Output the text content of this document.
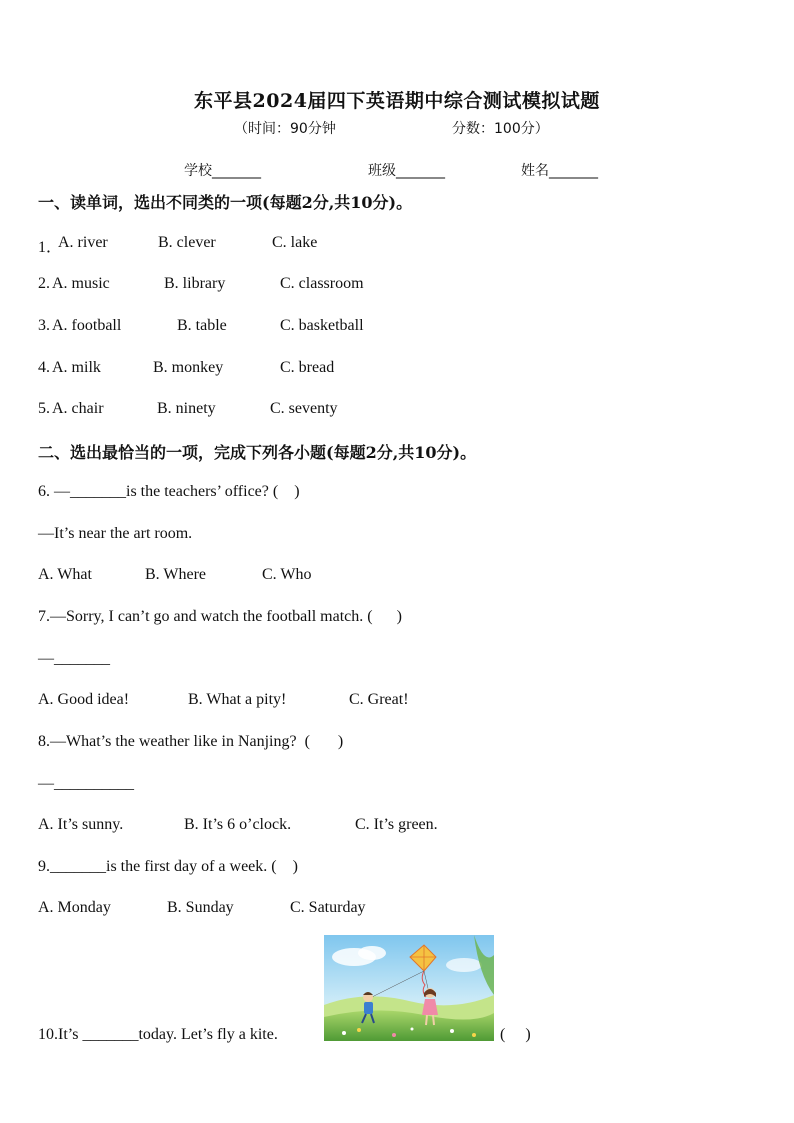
东平县2024届四下英语期中综合测试模拟试题
（时间：90分钟	分数：100分）
学校_______	班级_______	姓名_______
一、读单词，选出不同类的一项(每题2分,共10分)。
1．
A. river	B. clever	C. lake
2. A. music	B. library	C. classroom
3. A. football	B. table	C. basketball
4. A. milk	B. monkey	C. bread
5. A. chair	B. ninety	C. seventy
二、选出最恰当的一项，完成下列各小题(每题2分,共10分)。
6. —_______is the teachers’ office? (    )
—It’s near the art room.
A. What	B. Where	C. Who
7.—Sorry, I can’t go and watch the football match. (      )
—_______
A. Good idea!	B. What a pity!	C. Great!
8.—What’s the weather like in Nanjing?  (       )
—__________
A. It’s sunny.	B. It’s 6 o’clock.	C. It’s green.
9._______is the first day of a week. (    )
A. Monday	B. Sunday	C. Saturday
10.It’s _______today. Let’s fly a kite.	(     )
